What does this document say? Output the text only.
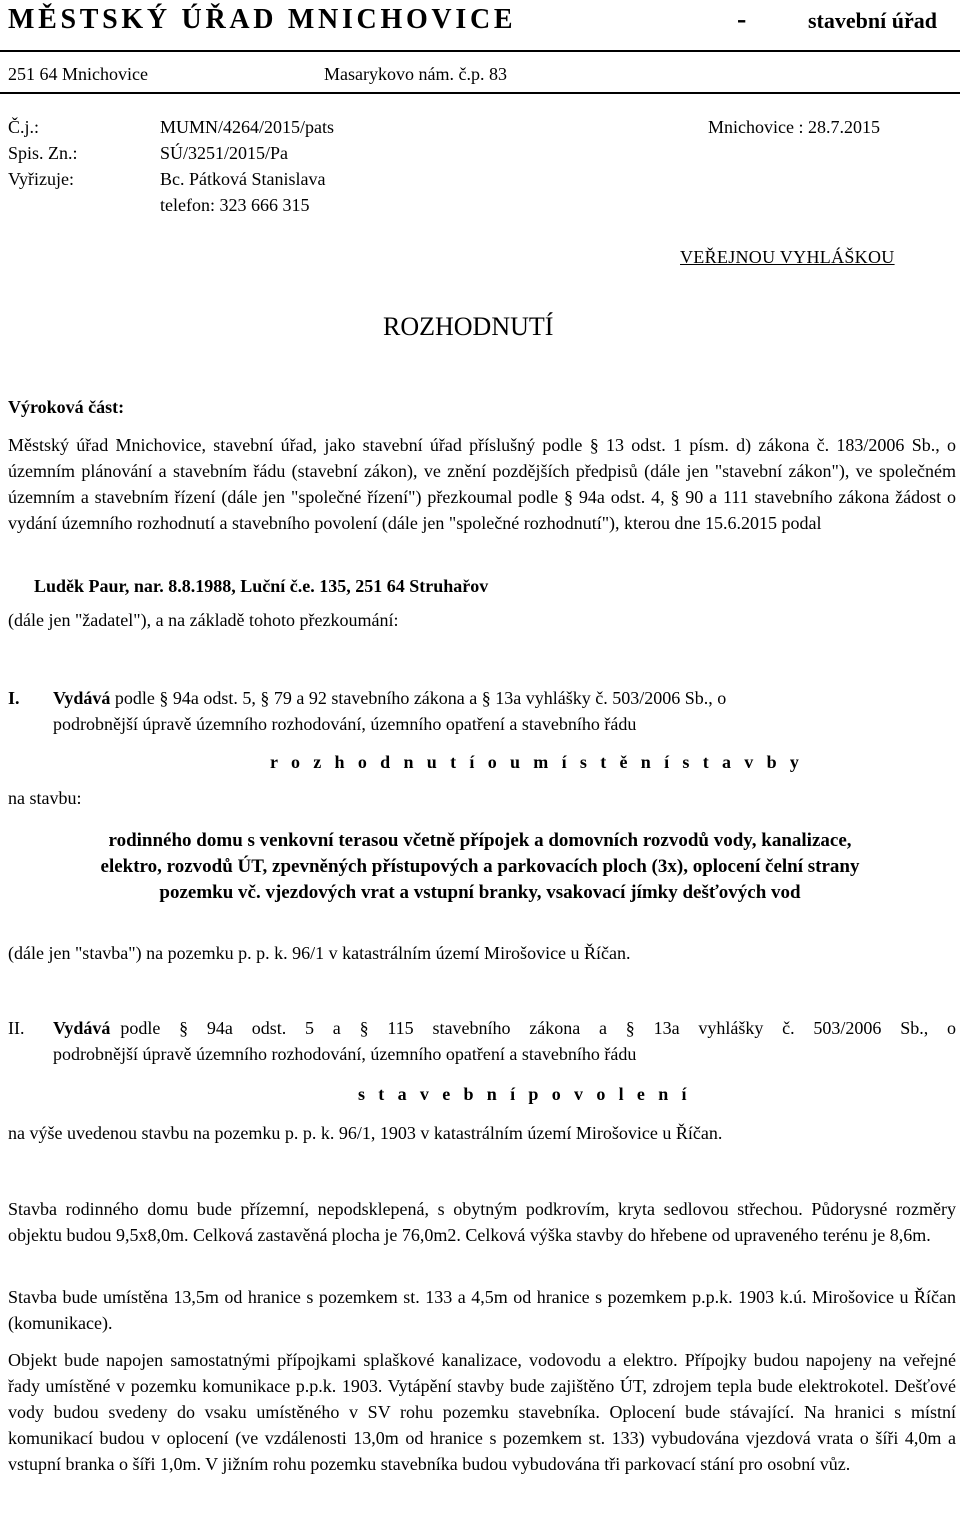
MĚSTSKÝ ÚŘAD MNICHOVICE	-	stavební úřad
251 64 Mnichovice	Masarykovo nám. č.p. 83
Č.j.:	MUMN/4264/2015/pats	Mnichovice : 28.7.2015
Spis. Zn.:	SÚ/3251/2015/Pa
Vyřizuje:	Bc. Pátková Stanislava
telefon: 323 666 315
VEŘEJNOU VYHLÁŠKOU
ROZHODNUTÍ
Výroková část:
Městský úřad Mnichovice, stavební úřad, jako stavební úřad příslušný podle § 13 odst. 1 písm. d) zákona č. 183/2006 Sb., o územním plánování a stavebním řádu (stavební zákon), ve znění pozdějších předpisů (dále jen "stavební zákon"), ve společném územním a stavebním řízení (dále jen "společné řízení") přezkoumal podle § 94a odst. 4, § 90 a 111 stavebního zákona žádost o vydání územního rozhodnutí a stavebního povolení (dále jen "společné rozhodnutí"), kterou dne 15.6.2015 podal
Luděk Paur, nar. 8.8.1988, Luční č.e. 135, 251 64 Struhařov
(dále jen "žadatel"), a na základě tohoto přezkoumání:
I. Vydává podle § 94a odst. 5, § 79 a 92 stavebního zákona a § 13a vyhlášky č. 503/2006 Sb., o
podrobnější úpravě územního rozhodování, územního opatření a stavebního řádu
r o z h o d n u t í o u m í s t ě n í s t a v b y
na stavbu:
rodinného domu s venkovní terasou včetně přípojek a domovních rozvodů vody, kanalizace,
elektro, rozvodů ÚT, zpevněných přístupových a parkovacích ploch (3x), oplocení čelní strany
pozemku vč. vjezdových vrat a vstupní branky, vsakovací jímky dešťových vod
(dále jen "stavba") na pozemku p. p. k. 96/1 v katastrálním území Mirošovice u Říčan.
II. Vydává podle § 94a odst. 5 a § 115 stavebního zákona a § 13a vyhlášky č. 503/2006 Sb., o
podrobnější úpravě územního rozhodování, územního opatření a stavebního řádu
s t a v e b n í p o v o l e n í
na výše uvedenou stavbu na pozemku p. p. k. 96/1, 1903 v katastrálním území Mirošovice u Říčan.
Stavba rodinného domu bude přízemní, nepodsklepená, s obytným podkrovím, kryta sedlovou střechou. Půdorysné rozměry objektu budou 9,5x8,0m. Celková zastavěná plocha je 76,0m2. Celková výška stavby do hřebene od upraveného terénu je 8,6m.
Stavba bude umístěna 13,5m od hranice s pozemkem st. 133 a 4,5m od hranice s pozemkem p.p.k. 1903 k.ú. Mirošovice u Říčan (komunikace).
Objekt bude napojen samostatnými přípojkami splaškové kanalizace, vodovodu a elektro. Přípojky budou napojeny na veřejné řady umístěné v pozemku komunikace p.p.k. 1903. Vytápění stavby bude zajištěno ÚT, zdrojem tepla bude elektrokotel. Dešťové vody budou svedeny do vsaku umístěného v SV rohu pozemku stavebníka. Oplocení bude stávající. Na hranici s místní komunikací budou v oplocení (ve vzdálenosti 13,0m od hranice s pozemkem st. 133) vybudována vjezdová vrata o šíři 4,0m a vstupní branka o šíři 1,0m. V jižním rohu pozemku stavebníka budou vybudována tři parkovací stání pro osobní vůz.
